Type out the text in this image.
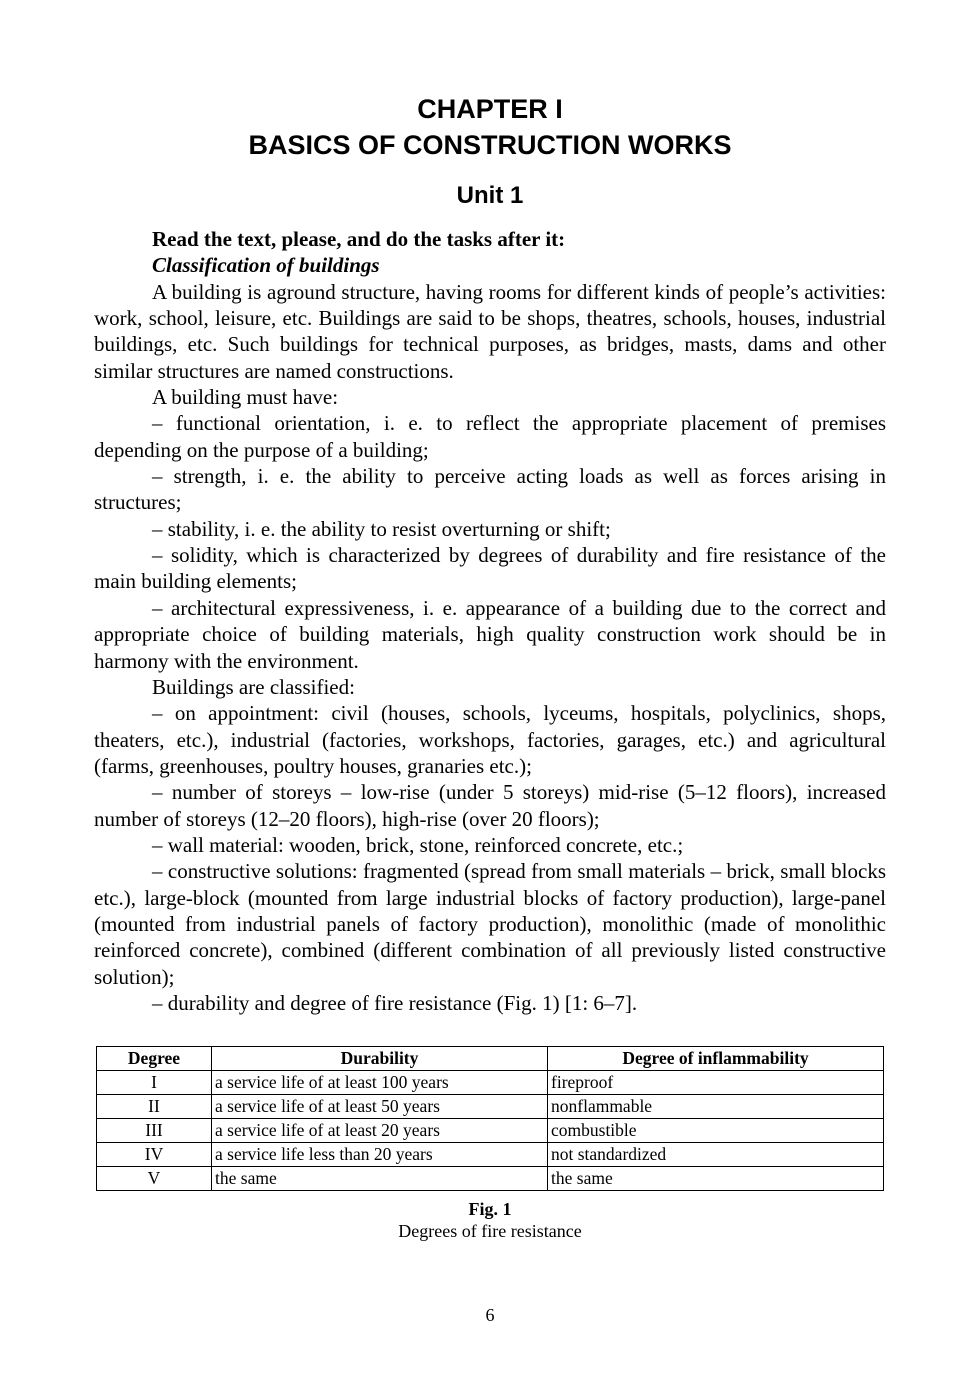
CHAPTER I
BASICS OF CONSTRUCTION WORKS
Unit 1

Read the text, please, and do the tasks after it:

Classification of buildings

A building is aground structure, having rooms for different kinds of people’s activities: work, school, leisure, etc. Buildings are said to be shops, theatres, schools, houses, industrial buildings, etc. Such buildings for technical purposes, as bridges, masts, dams and other similar structures are named constructions.

A building must have:

– functional orientation, i. e. to reflect the appropriate placement of premises depending on the purpose of a building;

– strength, i. e. the ability to perceive acting loads as well as forces arising in structures;

– stability, i. e. the ability to resist overturning or shift;

– solidity, which is characterized by degrees of durability and fire resistance of the main building elements;

– architectural expressiveness, i. e. appearance of a building due to the correct and appropriate choice of building materials, high quality construction work should be in harmony with the environment.

Buildings are classified:

– on appointment: civil (houses, schools, lyceums, hospitals, polyclinics, shops, theaters, etc.), industrial (factories, workshops, factories, garages, etc.) and agricultural (farms, greenhouses, poultry houses, granaries etc.);

– number of storeys – low-rise (under 5 storeys) mid-rise (5–12 floors), increased number of storeys (12–20 floors), high-rise (over 20 floors);

– wall material: wooden, brick, stone, reinforced concrete, etc.;

– constructive solutions: fragmented (spread from small materials – brick, small blocks etc.), large-block (mounted from large industrial blocks of factory production), large-panel (mounted from industrial panels of factory production), monolithic (made of monolithic reinforced concrete), combined (different combination of all previously listed constructive solution);

– durability and degree of fire resistance (Fig. 1) [1: 6–7].

Degree	Durability	Degree of inflammability
I	a service life of at least 100 years	fireproof
II	a service life of at least 50 years	nonflammable
III	a service life of at least 20 years	combustible
IV	a service life less than 20 years	not standardized
V	the same	the same
Fig. 1
Degrees of fire resistance
6
